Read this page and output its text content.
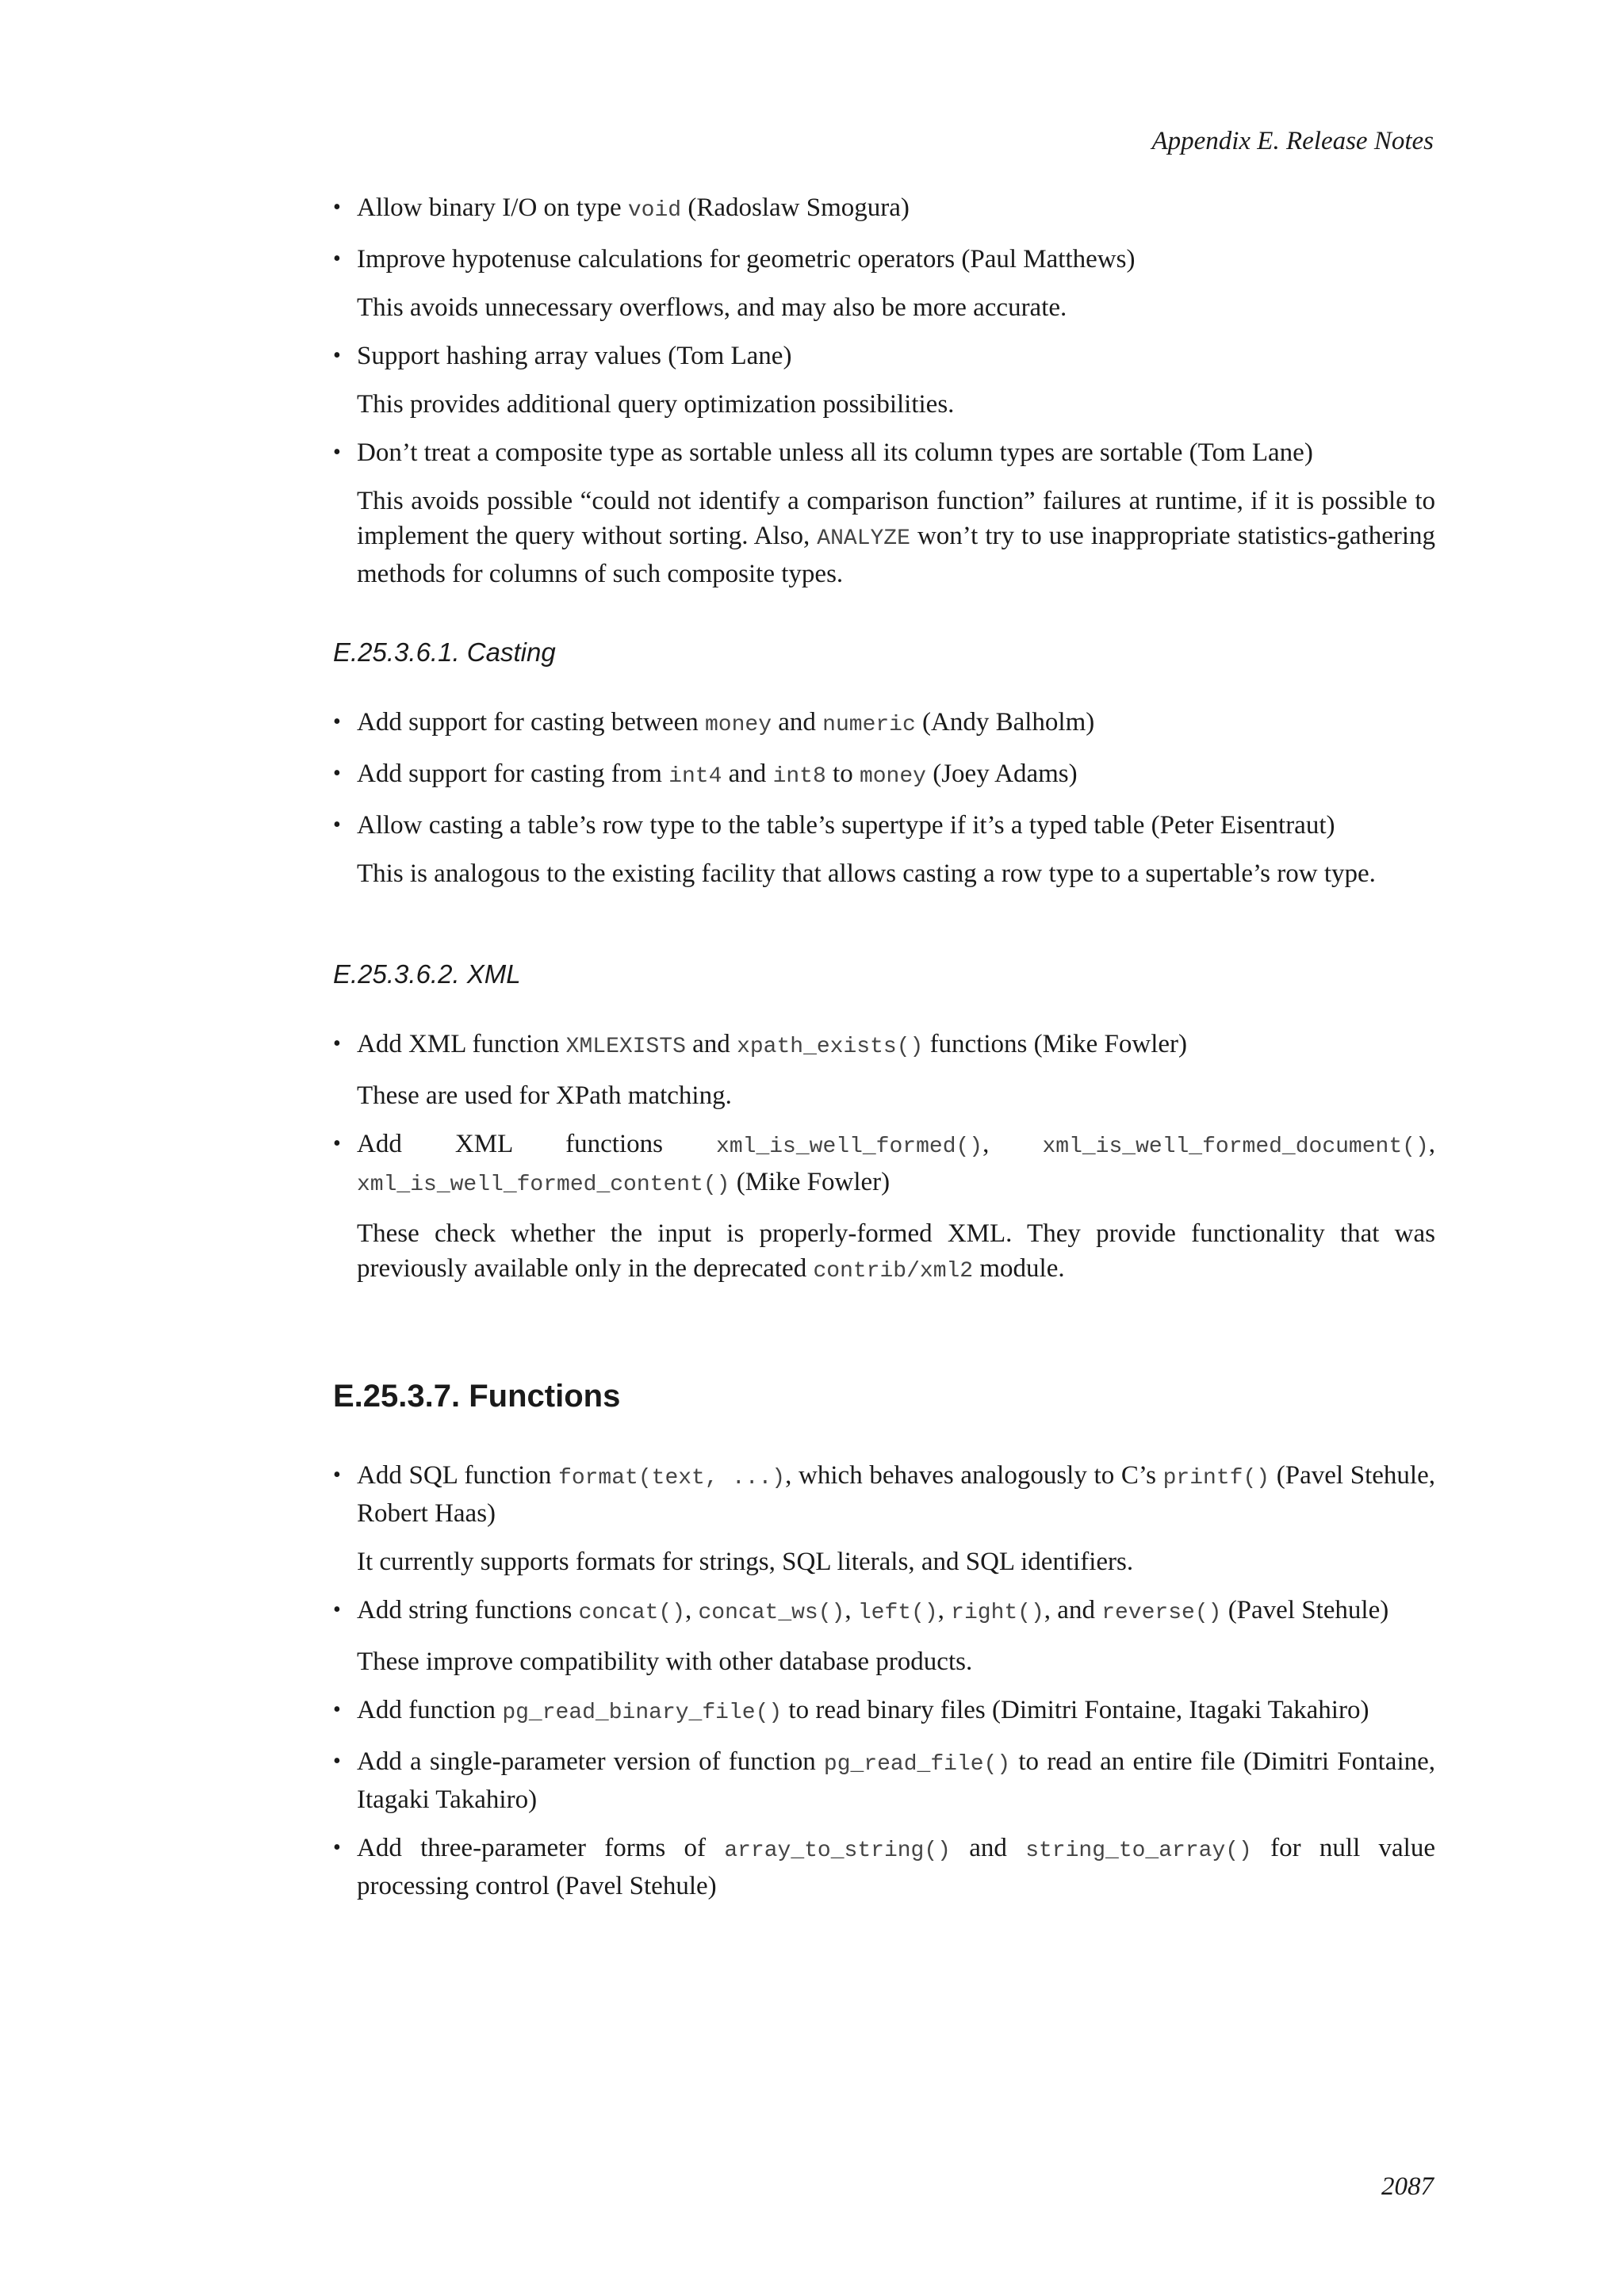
Appendix E. Release Notes
• Allow binary I/O on type void (Radoslaw Smogura)
• Improve hypotenuse calculations for geometric operators (Paul Matthews)
This avoids unnecessary overflows, and may also be more accurate.
• Support hashing array values (Tom Lane)
This provides additional query optimization possibilities.
• Don’t treat a composite type as sortable unless all its column types are sortable (Tom Lane)
This avoids possible “could not identify a comparison function” failures at runtime, if it is possible to implement the query without sorting. Also, ANALYZE won’t try to use inappropriate statistics-gathering methods for columns of such composite types.
E.25.3.6.1. Casting
• Add support for casting between money and numeric (Andy Balholm)
• Add support for casting from int4 and int8 to money (Joey Adams)
• Allow casting a table’s row type to the table’s supertype if it’s a typed table (Peter Eisentraut)
This is analogous to the existing facility that allows casting a row type to a supertable’s row type.
E.25.3.6.2. XML
• Add XML function XMLEXISTS and xpath_exists() functions (Mike Fowler)
These are used for XPath matching.
• Add XML functions xml_is_well_formed(), xml_is_well_formed_document(), xml_is_well_formed_content() (Mike Fowler)
These check whether the input is properly-formed XML. They provide functionality that was previously available only in the deprecated contrib/xml2 module.
E.25.3.7. Functions
• Add SQL function format(text, ...), which behaves analogously to C’s printf() (Pavel Stehule, Robert Haas)
It currently supports formats for strings, SQL literals, and SQL identifiers.
• Add string functions concat(), concat_ws(), left(), right(), and reverse() (Pavel Stehule)
These improve compatibility with other database products.
• Add function pg_read_binary_file() to read binary files (Dimitri Fontaine, Itagaki Takahiro)
• Add a single-parameter version of function pg_read_file() to read an entire file (Dimitri Fontaine, Itagaki Takahiro)
• Add three-parameter forms of array_to_string() and string_to_array() for null value processing control (Pavel Stehule)
2087
